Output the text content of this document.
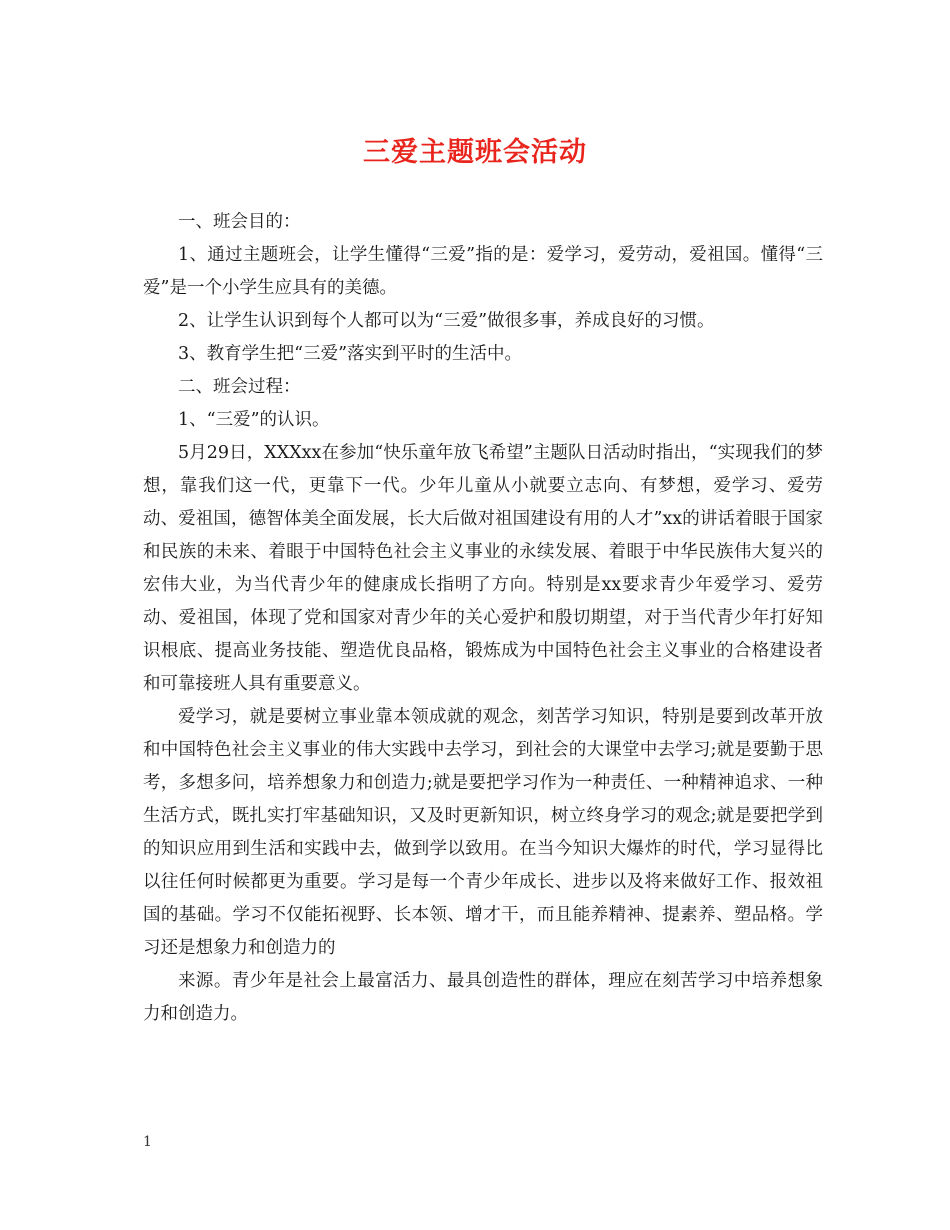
三爱主题班会活动

一、班会目的：

1、通过主题班会，让学生懂得“三爱”指的是：爱学习，爱劳动，爱祖国。懂得“三爱”是一个小学生应具有的美德。

2、让学生认识到每个人都可以为“三爱”做很多事，养成良好的习惯。

3、教育学生把“三爱”落实到平时的生活中。

二、班会过程：

1、“三爱”的认识。

5月29日，XXXxx在参加“快乐童年放飞希望”主题队日活动时指出，“实现我们的梦想，靠我们这一代，更靠下一代。少年儿童从小就要立志向、有梦想，爱学习、爱劳动、爱祖国，德智体美全面发展，长大后做对祖国建设有用的人才”xx的讲话着眼于国家和民族的未来、着眼于中国特色社会主义事业的永续发展、着眼于中华民族伟大复兴的宏伟大业，为当代青少年的健康成长指明了方向。特别是xx要求青少年爱学习、爱劳动、爱祖国，体现了党和国家对青少年的关心爱护和殷切期望，对于当代青少年打好知识根底、提高业务技能、塑造优良品格，锻炼成为中国特色社会主义事业的合格建设者和可靠接班人具有重要意义。

爱学习，就是要树立事业靠本领成就的观念，刻苦学习知识，特别是要到改革开放和中国特色社会主义事业的伟大实践中去学习，到社会的大课堂中去学习;就是要勤于思考，多想多问，培养想象力和创造力;就是要把学习作为一种责任、一种精神追求、一种生活方式，既扎实打牢基础知识，又及时更新知识，树立终身学习的观念;就是要把学到的知识应用到生活和实践中去，做到学以致用。在当今知识大爆炸的时代，学习显得比以往任何时候都更为重要。学习是每一个青少年成长、进步以及将来做好工作、报效祖国的基础。学习不仅能拓视野、长本领、增才干，而且能养精神、提素养、塑品格。学习还是想象力和创造力的

来源。青少年是社会上最富活力、最具创造性的群体，理应在刻苦学习中培养想象力和创造力。

1
